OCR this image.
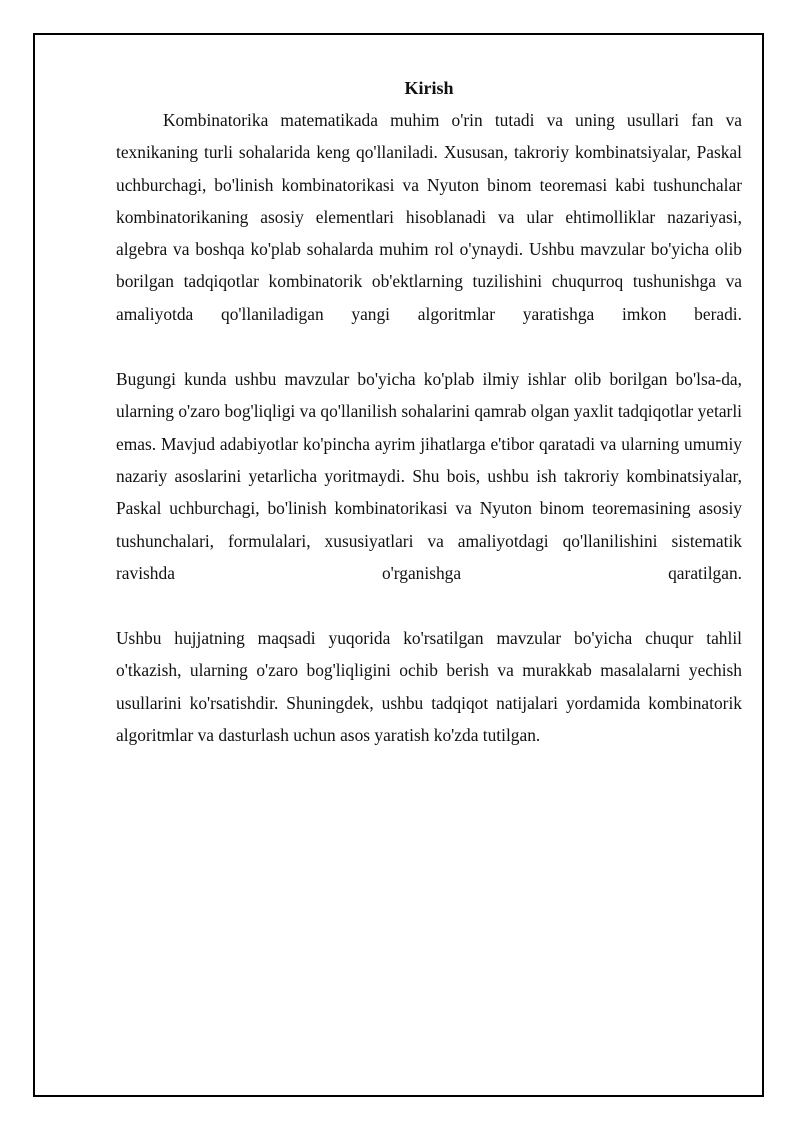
Kirish

Kombinatorika matematikada muhim o'rin tutadi va uning usullari fan va texnikaning turli sohalarida keng qo'llaniladi. Xususan, takroriy kombinatsiyalar, Paskal uchburchagi, bo'linish kombinatorikasi va Nyuton binom teoremasi kabi tushunchalar kombinatorikaning asosiy elementlari hisoblanadi va ular ehtimolliklar nazariyasi, algebra va boshqa ko'plab sohalarda muhim rol o'ynaydi. Ushbu mavzular bo'yicha olib borilgan tadqiqotlar kombinatorik ob'ektlarning tuzilishini chuqurroq tushunishga va amaliyotda qo'llaniladigan yangi algoritmlar yaratishga imkon beradi.

Bugungi kunda ushbu mavzular bo'yicha ko'plab ilmiy ishlar olib borilgan bo'lsa-da, ularning o'zaro bog'liqligi va qo'llanilish sohalarini qamrab olgan yaxlit tadqiqotlar yetarli emas. Mavjud adabiyotlar ko'pincha ayrim jihatlarga e'tibor qaratadi va ularning umumiy nazariy asoslarini yetarlicha yoritmaydi. Shu bois, ushbu ish takroriy kombinatsiyalar, Paskal uchburchagi, bo'linish kombinatorikasi va Nyuton binom teoremasining asosiy tushunchalari, formulalari, xususiyatlari va amaliyotdagi qo'llanilishini sistematik ravishda o'rganishga qaratilgan.

Ushbu hujjatning maqsadi yuqorida ko'rsatilgan mavzular bo'yicha chuqur tahlil o'tkazish, ularning o'zaro bog'liqligini ochib berish va murakkab masalalarni yechish usullarini ko'rsatishdir. Shuningdek, ushbu tadqiqot natijalari yordamida kombinatorik algoritmlar va dasturlash uchun asos yaratish ko'zda tutilgan.
